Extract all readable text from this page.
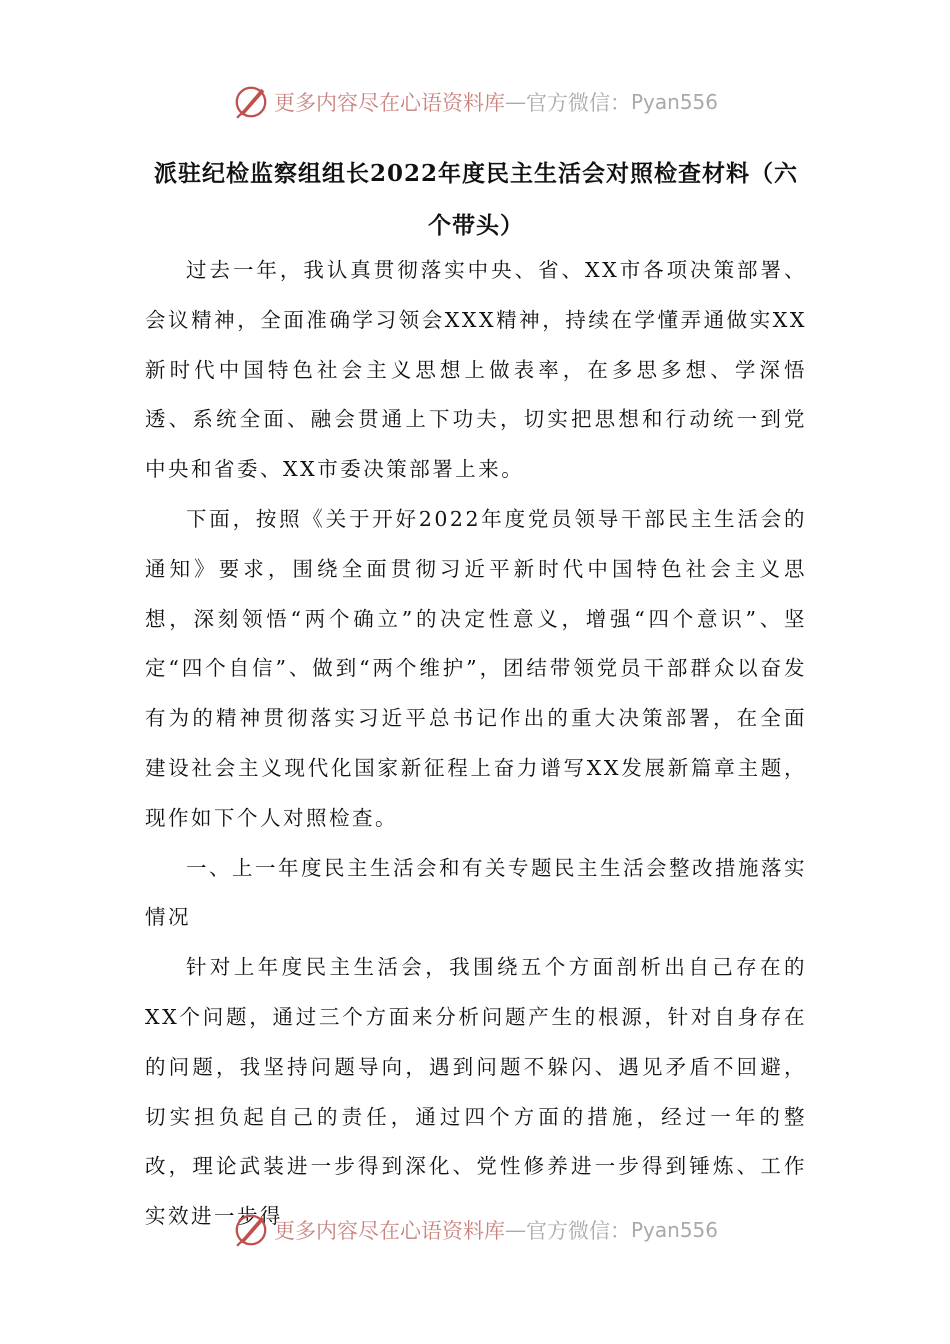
更多内容尽在心语资料库 — 官方微信： Pyan556
派驻纪检监察组组长2022年度民主生活会对照检查材料（六个带头）

过去一年，我认真贯彻落实中央、省、XX市各项决策部署、会议精神，全面准确学习领会XXX精神，持续在学懂弄通做实XX新时代中国特色社会主义思想上做表率，在多思多想、学深悟透、系统全面、融会贯通上下功夫，切实把思想和行动统一到党中央和省委、XX市委决策部署上来。

下面，按照《关于开好2022年度党员领导干部民主生活会的通知》要求，围绕全面贯彻习近平新时代中国特色社会主义思想，深刻领悟“两个确立”的决定性意义，增强“四个意识”、坚定“四个自信”、做到“两个维护”，团结带领党员干部群众以奋发有为的精神贯彻落实习近平总书记作出的重大决策部署，在全面建设社会主义现代化国家新征程上奋力谱写XX发展新篇章主题，现作如下个人对照检查。

一、上一年度民主生活会和有关专题民主生活会整改措施落实情况

针对上年度民主生活会，我围绕五个方面剖析出自己存在的XX个问题，通过三个方面来分析问题产生的根源，针对自身存在的问题，我坚持问题导向，遇到问题不躲闪、遇见矛盾不回避，切实担负起自己的责任，通过四个方面的措施，经过一年的整改，理论武装进一步得到深化、党性修养进一步得到锤炼、工作实效进一步得

更多内容尽在心语资料库 — 官方微信： Pyan556
